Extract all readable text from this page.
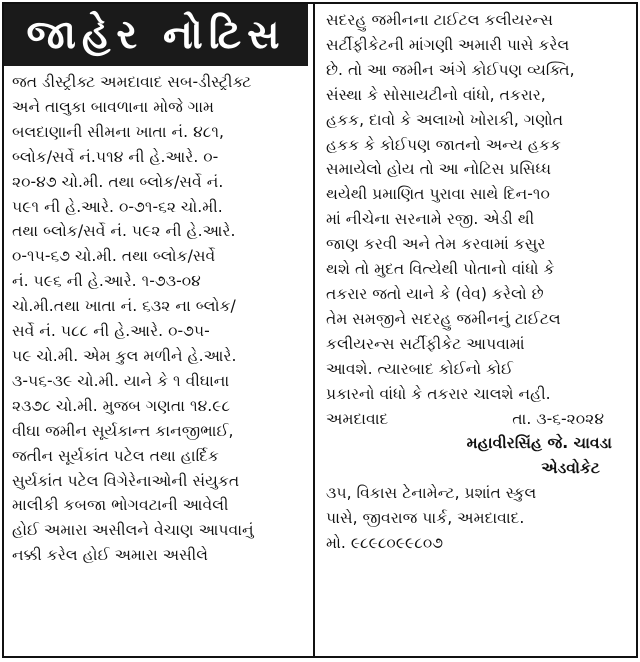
જાહેર નોટિસ
જત ડીસ્ટ્રીક્ટ અમદાવાદ સબ-ડીસ્ટ્રીક્ટ
અને તાલુકા બાવળાના મોજે ગામ
બલદાણાની સીમના ખાતા નં. ૪૮૧,
બ્લોક/સર્વે નં.૫૧૪ ની હે.આરે. ૦-
૨૦-૪૭ ચો.મી. તથા બ્લોક/સર્વે નં.
૫૯૧ ની હે.આરે. ૦-૭૧-૬૨ ચો.મી.
તથા બ્લોક/સર્વે નં. ૫૯૨ ની હે.આરે.
૦-૧૫-૬૭ ચો.મી. તથા બ્લોક/સર્વે
નં. ૫૯૬ ની હે.આરે. ૧-૭૩-૦૪
ચો.મી.તથા ખાતા નં. ૬૩૨ ના બ્લોક/
સર્વે નં. ૫૮૮ ની હે.આરે. ૦-૭૫-
૫૯ ચો.મી. એમ કુલ મળીને હે.આરે.
૩-૫૬-૩૯ ચો.મી. યાને કે ૧ વીઘાના
૨૩૭૮ ચો.મી. મુજબ ગણતા ૧૪.૯૮
વીઘા જમીન સૂર્યકાન્ત કાનજીભાઈ,
જતીન સૂર્યકાંત પટેલ તથા હાર્દિક
સુર્યકાંત પટેલ વિગેરેનાઓની સંયુકત
માલીકી કબજા ભોગવટાની આવેલી
હોઈ અમારા અસીલને વેચાણ આપવાનું
નક્કી કરેલ હોઈ અમારા અસીલે
સદરહુ જમીનના ટાઈટલ કલીયરન્સ
સર્ટીફીકેટની માંગણી અમારી પાસે કરેલ
છે. તો આ જમીન અંગે કોઈપણ વ્યક્તિ,
સંસ્થા કે સોસાયટીનો વાંધો, તકરાર,
હકક, દાવો કે અલાખો ખોરાકી, ગણોત
હકક કે કોઈપણ જાતનો અન્ય હકક
સમાયેલો હોય તો આ નોટિસ પ્રસિધ્ધ
થયેથી પ્રમાણિત પુરાવા સાથે દિન-૧૦
માં નીચેના સરનામે રજી. એડી થી
જાણ કરવી અને તેમ કરવામાં કસુર
થશે તો મુદત વિત્યેથી પોતાનો વાંધો કે
તકરાર જતો યાને કે (વેવ) કરેલો છે
તેમ સમજીને સદરહુ જમીનનું ટાઈટલ
કલીયરન્સ સર્ટીફીકેટ આપવામાં
આવશે. ત્યારબાદ કોઈનો કોઈ
પ્રકારનો વાંધો કે તકરાર ચાલશે નહી.
અમદાવાદ	તા. ૩-૬-૨૦૨૪
મહાવીરસિંહ જે. ચાવડા
એડવોકેટ
૩૫, વિકાસ ટેનામેન્ટ, પ્રશાંત સ્કુલ
પાસે, જીવરાજ પાર્ક, અમદાવાદ.
મો. ૯૮૯૮૦૯૯૮૦૭
